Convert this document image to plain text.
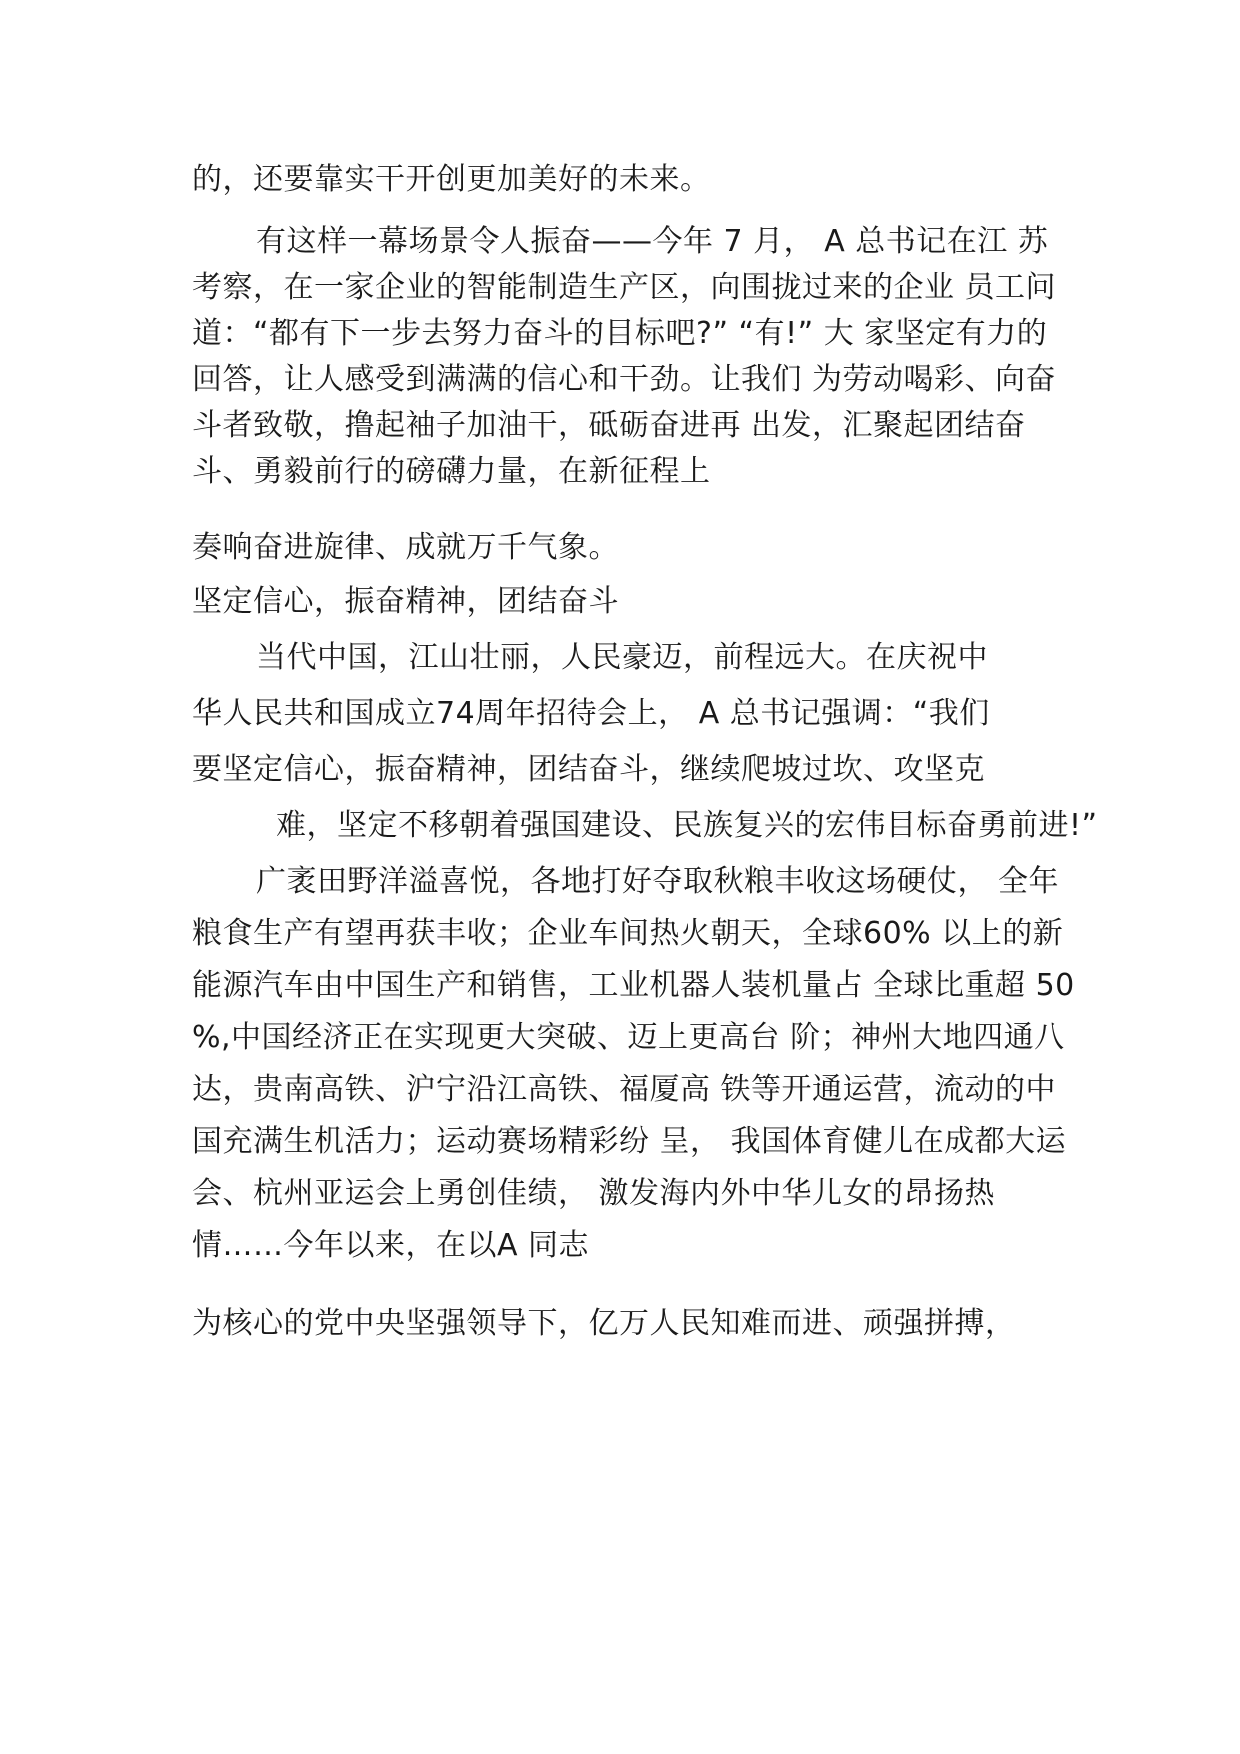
的，还要靠实干开创更加美好的未来。
有这样一幕场景令人振奋——今年 7 月， A 总书记在江 苏
考察，在一家企业的智能制造生产区，向围拢过来的企业 员工问
道：“都有下一步去努力奋斗的目标吧?” “有!” 大 家坚定有力的
回答，让人感受到满满的信心和干劲。让我们 为劳动喝彩、向奋
斗者致敬，撸起袖子加油干，砥砺奋进再 出发，汇聚起团结奋
斗、勇毅前行的磅礴力量，在新征程上
奏响奋进旋律、成就万千气象。
坚定信心，振奋精神，团结奋斗
当代中国，江山壮丽，人民豪迈，前程远大。在庆祝中
华人民共和国成立74周年招待会上， A 总书记强调：“我们
要坚定信心，振奋精神，团结奋斗，继续爬坡过坎、攻坚克
难，坚定不移朝着强国建设、民族复兴的宏伟目标奋勇前进!”
广袤田野洋溢喜悦，各地打好夺取秋粮丰收这场硬仗， 全年
粮食生产有望再获丰收；企业车间热火朝天，全球60% 以上的新
能源汽车由中国生产和销售，工业机器人装机量占 全球比重超 50
%,中国经济正在实现更大突破、迈上更高台 阶；神州大地四通八
达，贵南高铁、沪宁沿江高铁、福厦高 铁等开通运营，流动的中
国充满生机活力；运动赛场精彩纷 呈， 我国体育健儿在成都大运
会、杭州亚运会上勇创佳绩， 激发海内外中华儿女的昂扬热
情……今年以来，在以A 同志
为核心的党中央坚强领导下，亿万人民知难而进、顽强拼搏，
